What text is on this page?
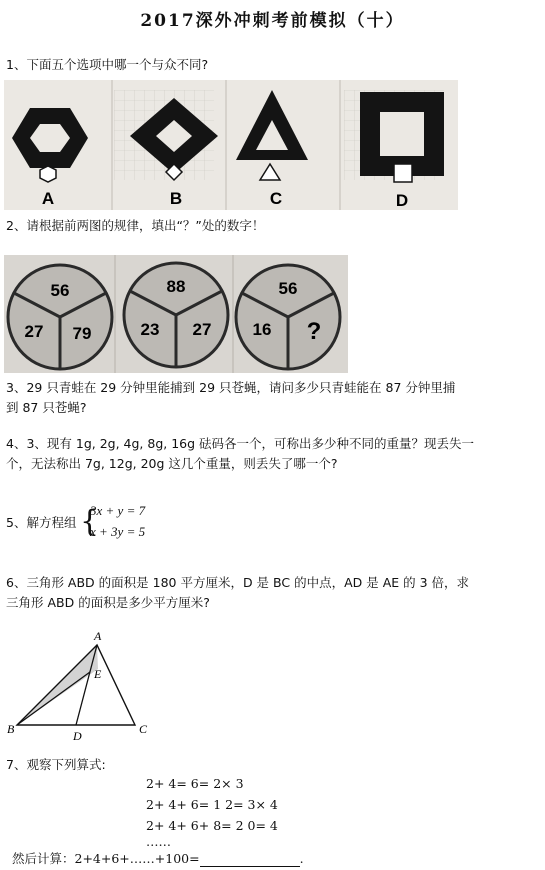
2017深外冲刺考前模拟（十）
1、下面五个选项中哪一个与众不同?
A	B	C	D
2、请根据前两图的规律，填出“？”处的数字！
56
27 79
88
23 27
56
16 ?
3、29 只青蛙在 29 分钟里能捕到 29 只苍蝇，请问多少只青蛙能在 87 分钟里捕
到 87 只苍蝇?
4、3、现有 1g, 2g, 4g, 8g, 16g 砝码各一个，可称出多少种不同的重量？现丢失一
个，无法称出 7g, 12g, 20g 这几个重量，则丢失了哪一个?
5、解方程组 {
3x + y = 7
x + 3y = 5
6、三角形 ABD 的面积是 180 平方厘米，D 是 BC 的中点，AD 是 AE 的 3 倍，求
三角形 ABD 的面积是多少平方厘米?
A
B	C
D
E
7、观察下列算式:
2+ 4= 6= 2× 3
2+ 4+ 6= 1 2= 3× 4
2+ 4+ 6+ 8= 2 0= 4
……
然后计算：2+4+6+……+100=	.
